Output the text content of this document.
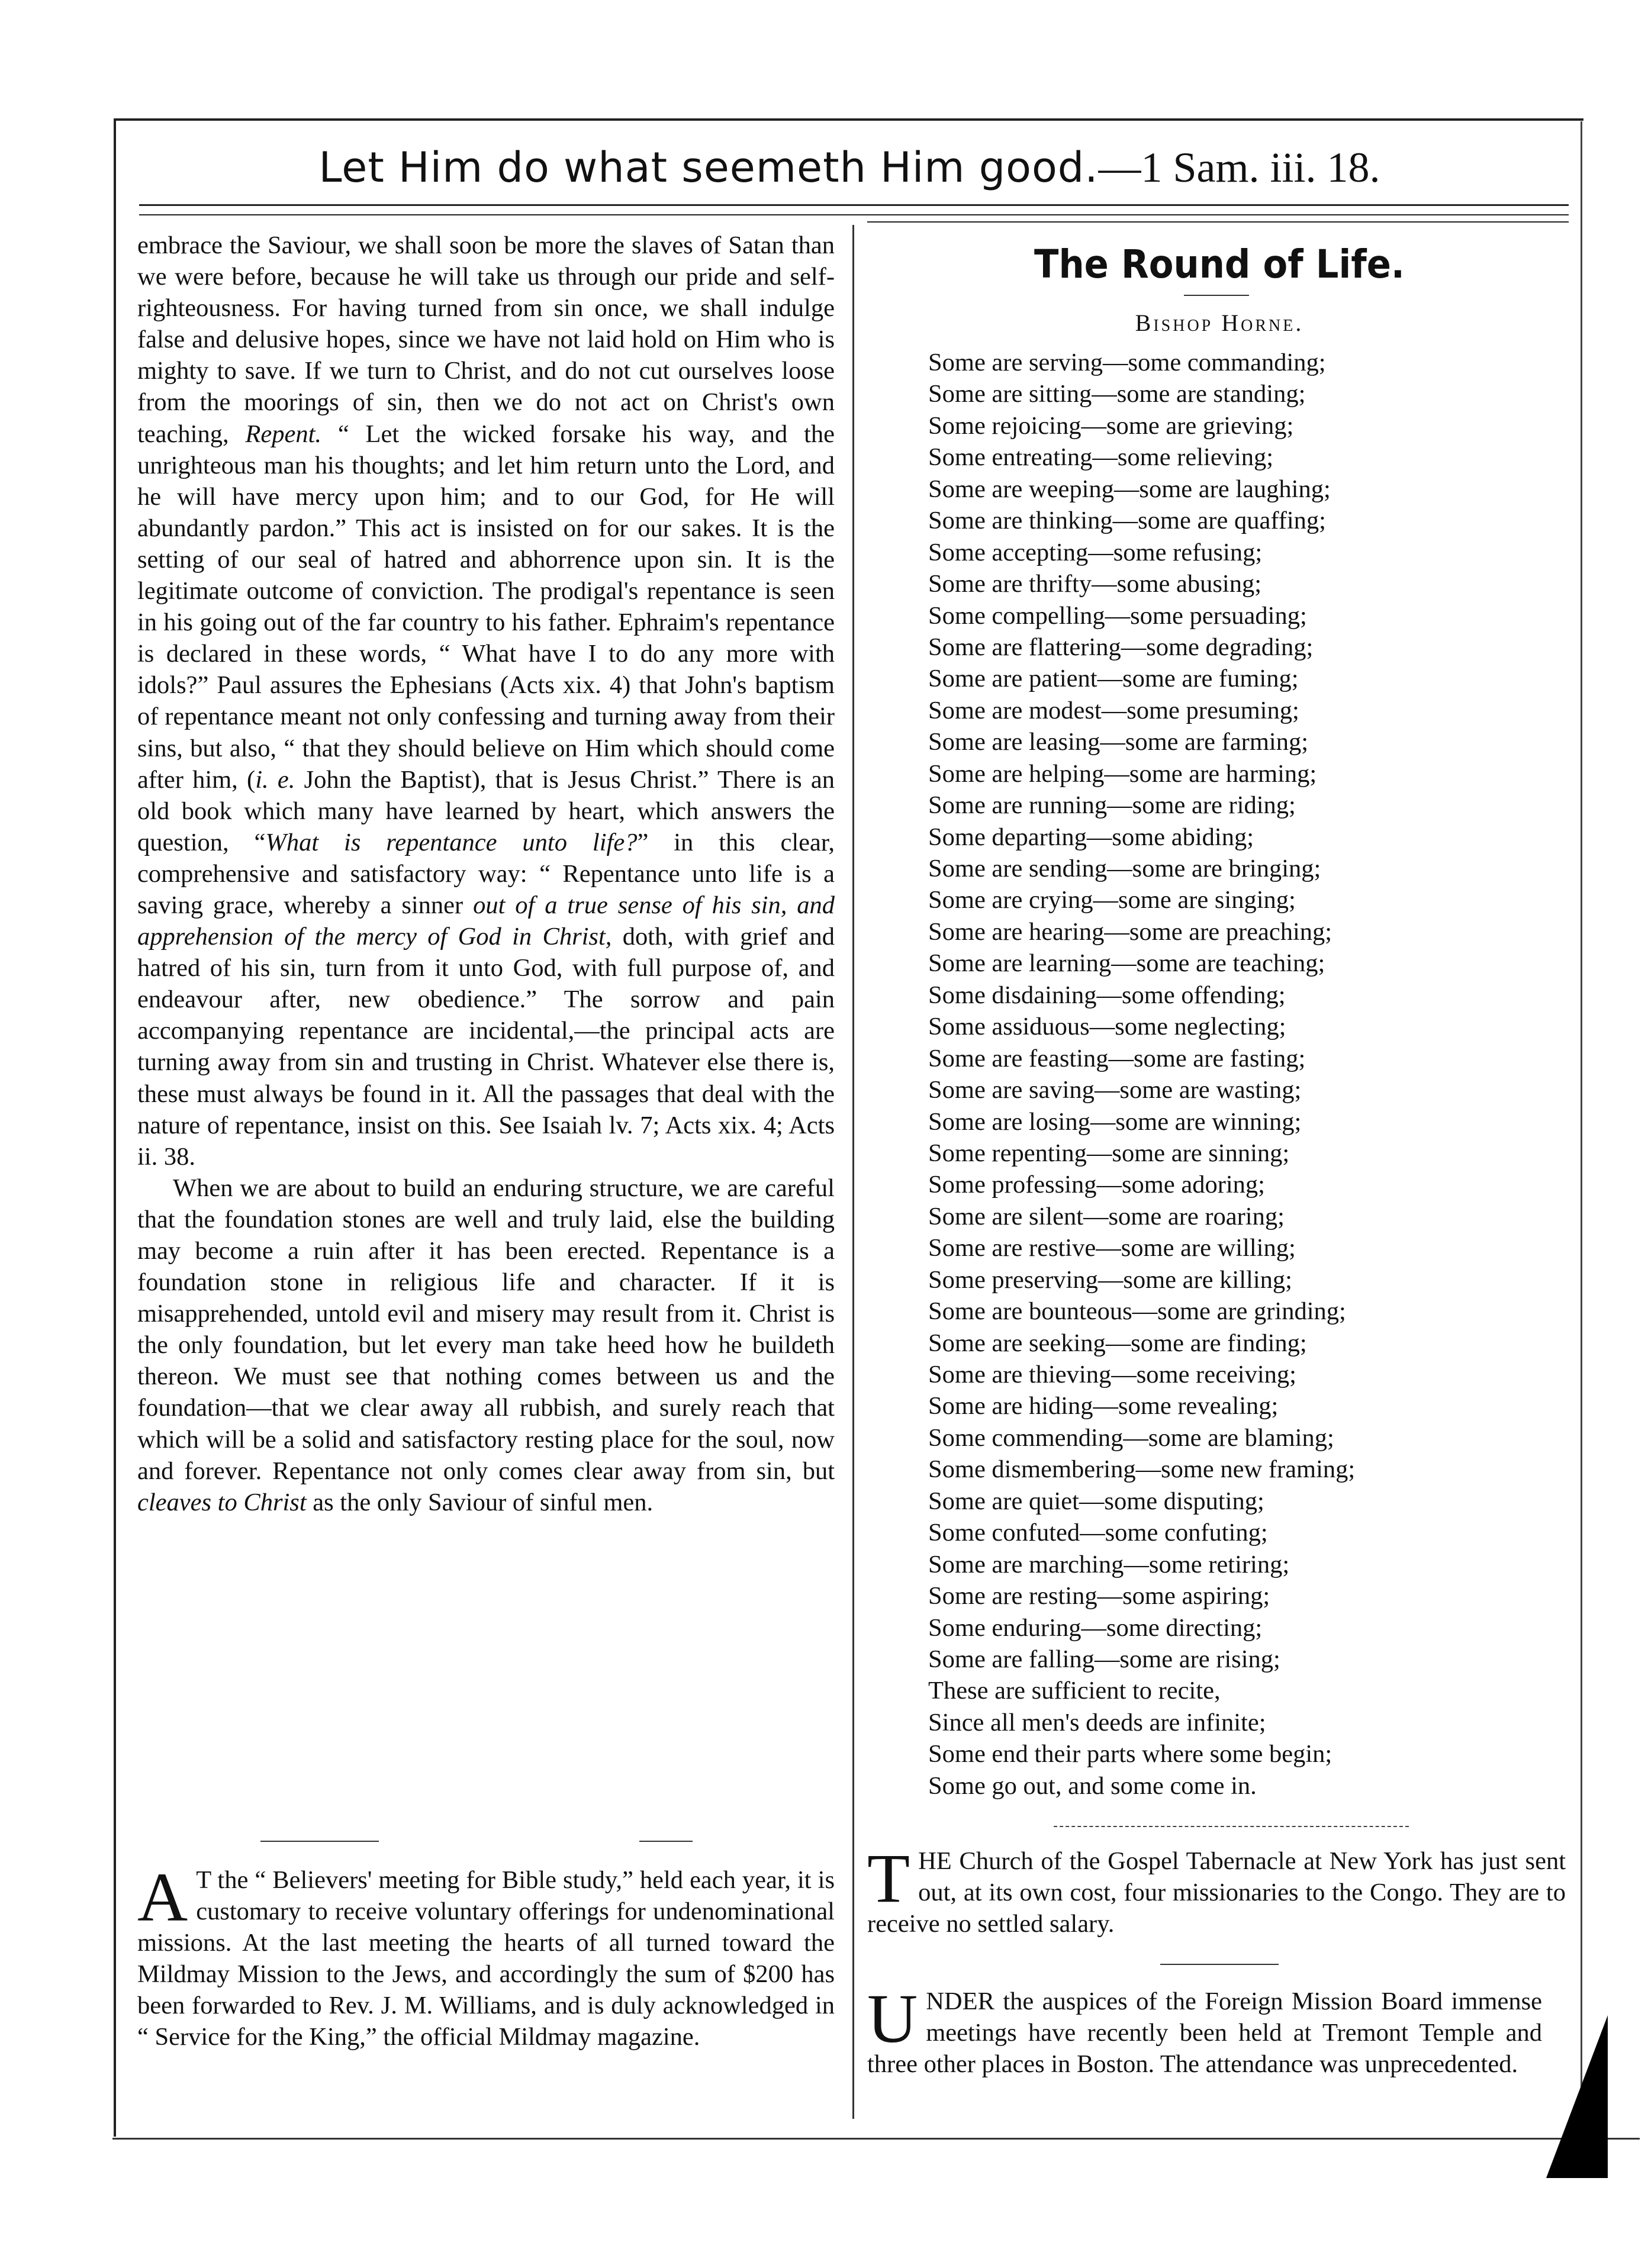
Let Him do what seemeth Him good.—1 Sam. iii. 18.

embrace the Saviour, we shall soon be more the slaves of Satan than we were before, because he will take us through our pride and self-righteousness. For having turned from sin once, we shall indulge false and delusive hopes, since we have not laid hold on Him who is mighty to save. If we turn to Christ, and do not cut ourselves loose from the moorings of sin, then we do not act on Christ's own teaching, Repent. “ Let the wicked forsake his way, and the unrighteous man his thoughts; and let him return unto the Lord, and he will have mercy upon him; and to our God, for He will abundantly pardon.” This act is insisted on for our sakes. It is the setting of our seal of hatred and abhorrence upon sin. It is the legitimate outcome of conviction. The prodigal's repentance is seen in his going out of the far country to his father. Ephraim's repentance is declared in these words, “ What have I to do any more with idols?” Paul assures the Ephesians (Acts xix. 4) that John's baptism of repentance meant not only confessing and turning away from their sins, but also, “ that they should believe on Him which should come after him, (i. e. John the Baptist), that is Jesus Christ.” There is an old book which many have learned by heart, which answers the question, “What is repentance unto life?” in this clear, comprehensive and satisfactory way: “ Repentance unto life is a saving grace, whereby a sinner out of a true sense of his sin, and apprehension of the mercy of God in Christ, doth, with grief and hatred of his sin, turn from it unto God, with full purpose of, and endeavour after, new obedience.” The sorrow and pain accompanying repentance are incidental,—the principal acts are turning away from sin and trusting in Christ. Whatever else there is, these must always be found in it. All the passages that deal with the nature of repentance, insist on this. See Isaiah lv. 7; Acts xix. 4; Acts ii. 38.

When we are about to build an enduring structure, we are careful that the foundation stones are well and truly laid, else the building may become a ruin after it has been erected. Repentance is a foundation stone in religious life and character. If it is misapprehended, untold evil and misery may result from it. Christ is the only foundation, but let every man take heed how he buildeth thereon. We must see that nothing comes between us and the foundation—that we clear away all rubbish, and surely reach that which will be a solid and satisfactory resting place for the soul, now and forever. Repentance not only comes clear away from sin, but cleaves to Christ as the only Saviour of sinful men.

A T the “ Believers' meeting for Bible study,” held each year, it is customary to receive voluntary offerings for undenominational missions. At the last meeting the hearts of all turned toward the Mildmay Mission to the Jews, and accordingly the sum of $200 has been forwarded to Rev. J. M. Williams, and is duly acknowledged in “ Service for the King,” the official Mildmay magazine.
The Round of Life.
Bishop Horne.
Some are serving—some commanding;
Some are sitting—some are standing;
Some rejoicing—some are grieving;
Some entreating—some relieving;
Some are weeping—some are laughing;
Some are thinking—some are quaffing;
Some accepting—some refusing;
Some are thrifty—some abusing;
Some compelling—some persuading;
Some are flattering—some degrading;
Some are patient—some are fuming;
Some are modest—some presuming;
Some are leasing—some are farming;
Some are helping—some are harming;
Some are running—some are riding;
Some departing—some abiding;
Some are sending—some are bringing;
Some are crying—some are singing;
Some are hearing—some are preaching;
Some are learning—some are teaching;
Some disdaining—some offending;
Some assiduous—some neglecting;
Some are feasting—some are fasting;
Some are saving—some are wasting;
Some are losing—some are winning;
Some repenting—some are sinning;
Some professing—some adoring;
Some are silent—some are roaring;
Some are restive—some are willing;
Some preserving—some are killing;
Some are bounteous—some are grinding;
Some are seeking—some are finding;
Some are thieving—some receiving;
Some are hiding—some revealing;
Some commending—some are blaming;
Some dismembering—some new framing;
Some are quiet—some disputing;
Some confuted—some confuting;
Some are marching—some retiring;
Some are resting—some aspiring;
Some enduring—some directing;
Some are falling—some are rising;
These are sufficient to recite,
Since all men's deeds are infinite;
Some end their parts where some begin;
Some go out, and some come in.
THE Church of the Gospel Tabernacle at New York has just sent out, at its own cost, four missionaries to the Congo. They are to receive no settled salary.
UNDER the auspices of the Foreign Mission Board immense meetings have recently been held at Tremont Temple and three other places in Boston. The attendance was unprecedented.
